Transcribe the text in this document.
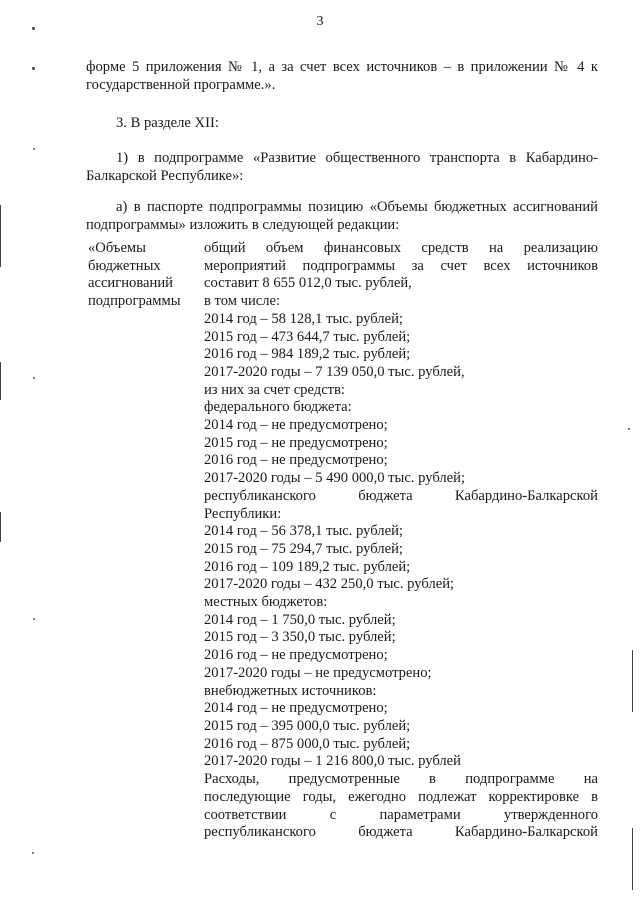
3

форме 5 приложения № 1, а за счет всех источников – в приложении № 4 к
государственной программе.».

3. В разделе XII:

1) в подпрограмме «Развитие общественного транспорта в Кабардино-
Балкарской Республике»:

а) в паспорте подпрограммы позицию «Объемы бюджетных ассигнований
подпрограммы» изложить в следующей редакции:

«Объемы
бюджетных
ассигнований
подпрограммы
общий объем финансовых средств на реализацию
мероприятий подпрограммы за счет всех источников
составит 8 655 012,0 тыс. рублей,
в том числе:
2014 год – 58 128,1 тыс. рублей;
2015 год – 473 644,7 тыс. рублей;
2016 год – 984 189,2 тыс. рублей;
2017-2020 годы – 7 139 050,0 тыс. рублей,
из них за счет средств:
федерального бюджета:
2014 год – не предусмотрено;
2015 год – не предусмотрено;
2016 год – не предусмотрено;
2017-2020 годы – 5 490 000,0 тыс. рублей;
республиканского бюджета Кабардино-Балкарской
Республики:
2014 год – 56 378,1 тыс. рублей;
2015 год – 75 294,7 тыс. рублей;
2016 год – 109 189,2 тыс. рублей;
2017-2020 годы – 432 250,0 тыс. рублей;
местных бюджетов:
2014 год – 1 750,0 тыс. рублей;
2015 год – 3 350,0 тыс. рублей;
2016 год – не предусмотрено;
2017-2020 годы – не предусмотрено;
внебюджетных источников:
2014 год – не предусмотрено;
2015 год – 395 000,0 тыс. рублей;
2016 год – 875 000,0 тыс. рублей;
2017-2020 годы – 1 216 800,0 тыс. рублей
Расходы, предусмотренные в подпрограмме на
последующие годы, ежегодно подлежат корректировке в
соответствии с параметрами утвержденного
республиканского бюджета Кабардино-Балкарской
